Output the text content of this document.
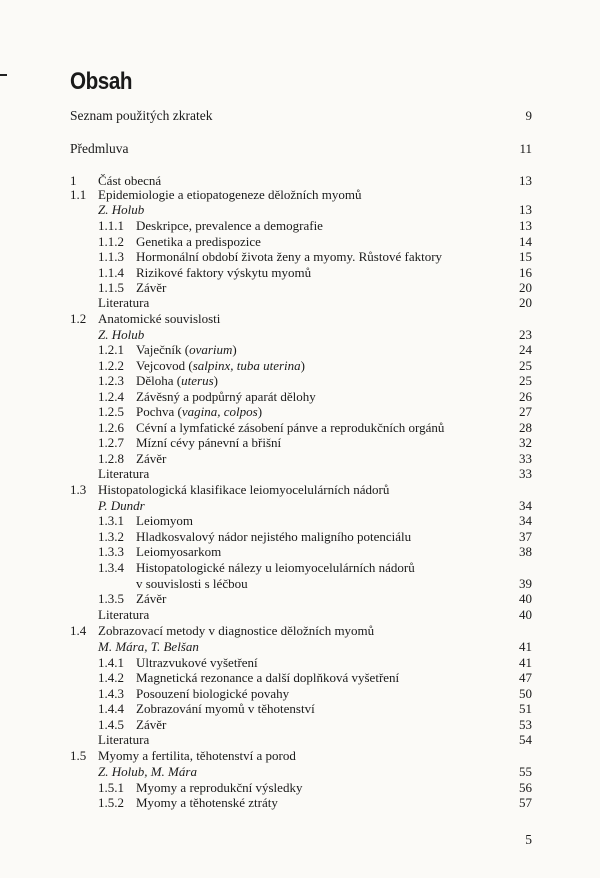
Obsah
Seznam použitých zkratek	9
Předmluva	11
1 Část obecná	13
1.1 Epidemiologie a etiopatogeneze děložních myomů
Z. Holub	13
1.1.1 Deskripce, prevalence a demografie	13
1.1.2 Genetika a predispozice	14
1.1.3 Hormonální období života ženy a myomy. Růstové faktory	15
1.1.4 Rizikové faktory výskytu myomů	16
1.1.5 Závěr	20
Literatura	20
1.2 Anatomické souvislosti
Z. Holub	23
1.2.1 Vaječník (ovarium)	24
1.2.2 Vejcovod (salpinx, tuba uterina)	25
1.2.3 Děloha (uterus)	25
1.2.4 Závěsný a podpůrný aparát dělohy	26
1.2.5 Pochva (vagina, colpos)	27
1.2.6 Cévní a lymfatické zásobení pánve a reprodukčních orgánů	28
1.2.7 Mízní cévy pánevní a břišní	32
1.2.8 Závěr	33
Literatura	33
1.3 Histopatologická klasifikace leiomyocelulárních nádorů
P. Dundr	34
1.3.1 Leiomyom	34
1.3.2 Hladkosvalový nádor nejistého maligního potenciálu	37
1.3.3 Leiomyosarkom	38
1.3.4 Histopatologické nálezy u leiomyocelulárních nádorů
v souvislosti s léčbou	39
1.3.5 Závěr	40
Literatura	40
1.4 Zobrazovací metody v diagnostice děložních myomů
M. Mára, T. Belšan	41
1.4.1 Ultrazvukové vyšetření	41
1.4.2 Magnetická rezonance a další doplňková vyšetření	47
1.4.3 Posouzení biologické povahy	50
1.4.4 Zobrazování myomů v těhotenství	51
1.4.5 Závěr	53
Literatura	54
1.5 Myomy a fertilita, těhotenství a porod
Z. Holub, M. Mára	55
1.5.1 Myomy a reprodukční výsledky	56
1.5.2 Myomy a těhotenské ztráty	57
5
